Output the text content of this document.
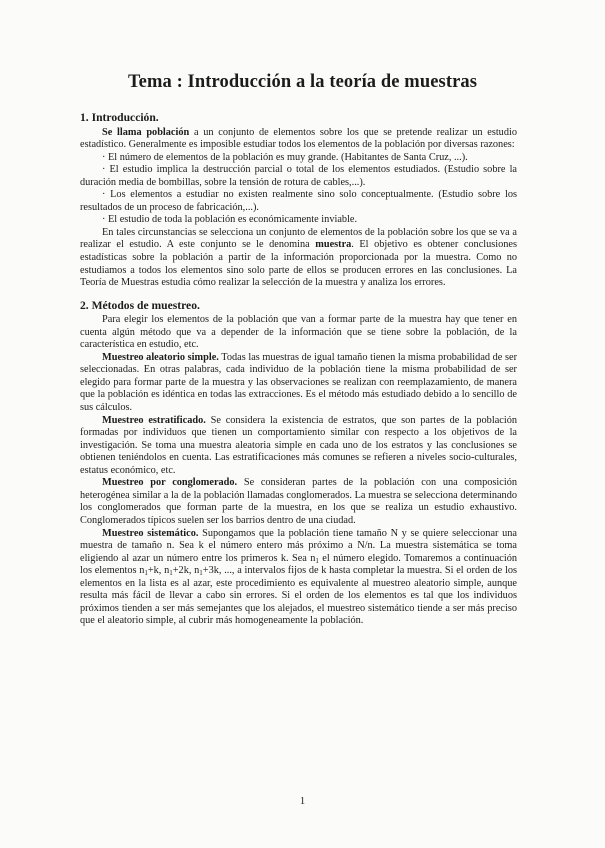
Tema : Introducción a la teoría de muestras
1. Introducción.

Se llama población a un conjunto de elementos sobre los que se pretende realizar un estudio estadístico. Generalmente es imposible estudiar todos los elementos de la población por diversas razones:

· El número de elementos de la población es muy grande. (Habitantes de Santa Cruz, ...).

· El estudio implica la destrucción parcial o total de los elementos estudiados. (Estudio sobre la duración media de bombillas, sobre la tensión de rotura de cables,...).

· Los elementos a estudiar no existen realmente sino solo conceptualmente. (Estudio sobre los resultados de un proceso de fabricación,...).

· El estudio de toda la población es económicamente inviable.

En tales circunstancias se selecciona un conjunto de elementos de la población sobre los que se va a realizar el estudio. A este conjunto se le denomina muestra. El objetivo es obtener conclusiones estadísticas sobre la población a partir de la información proporcionada por la muestra. Como no estudiamos a todos los elementos sino solo parte de ellos se producen errores en las conclusiones. La Teoría de Muestras estudia cómo realizar la selección de la muestra y analiza los errores.

2. Métodos de muestreo.

Para elegir los elementos de la población que van a formar parte de la muestra hay que tener en cuenta algún método que va a depender de la información que se tiene sobre la población, de la característica en estudio, etc.

Muestreo aleatorio simple. Todas las muestras de igual tamaño tienen la misma probabilidad de ser seleccionadas. En otras palabras, cada individuo de la población tiene la misma probabilidad de ser elegido para formar parte de la muestra y las observaciones se realizan con reemplazamiento, de manera que la población es idéntica en todas las extracciones. Es el método más estudiado debido a lo sencillo de sus cálculos.

Muestreo estratificado. Se considera la existencia de estratos, que son partes de la población formadas por individuos que tienen un comportamiento similar con respecto a los objetivos de la investigación. Se toma una muestra aleatoria simple en cada uno de los estratos y las conclusiones se obtienen teniéndolos en cuenta. Las estratificaciones más comunes se refieren a niveles socio-culturales, estatus económico, etc.

Muestreo por conglomerado. Se consideran partes de la población con una composición heterogénea similar a la de la población llamadas conglomerados. La muestra se selecciona determinando los conglomerados que forman parte de la muestra, en los que se realiza un estudio exhaustivo. Conglomerados típicos suelen ser los barrios dentro de una ciudad.

Muestreo sistemático. Supongamos que la población tiene tamaño N y se quiere seleccionar una muestra de tamaño n. Sea k el número entero más próximo a N/n. La muestra sistemática se toma eligiendo al azar un número entre los primeros k. Sea $n_1$ el número elegido. Tomaremos a continuación los elementos $n_1+k$, $n_1+2k$, $n_1+3k$, ..., a intervalos fijos de k hasta completar la muestra. Si el orden de los elementos en la lista es al azar, este procedimiento es equivalente al muestreo aleatorio simple, aunque resulta más fácil de llevar a cabo sin errores. Si el orden de los elementos es tal que los individuos próximos tienden a ser más semejantes que los alejados, el muestreo sistemático tiende a ser más preciso que el aleatorio simple, al cubrir más homogeneamente la población.

1
